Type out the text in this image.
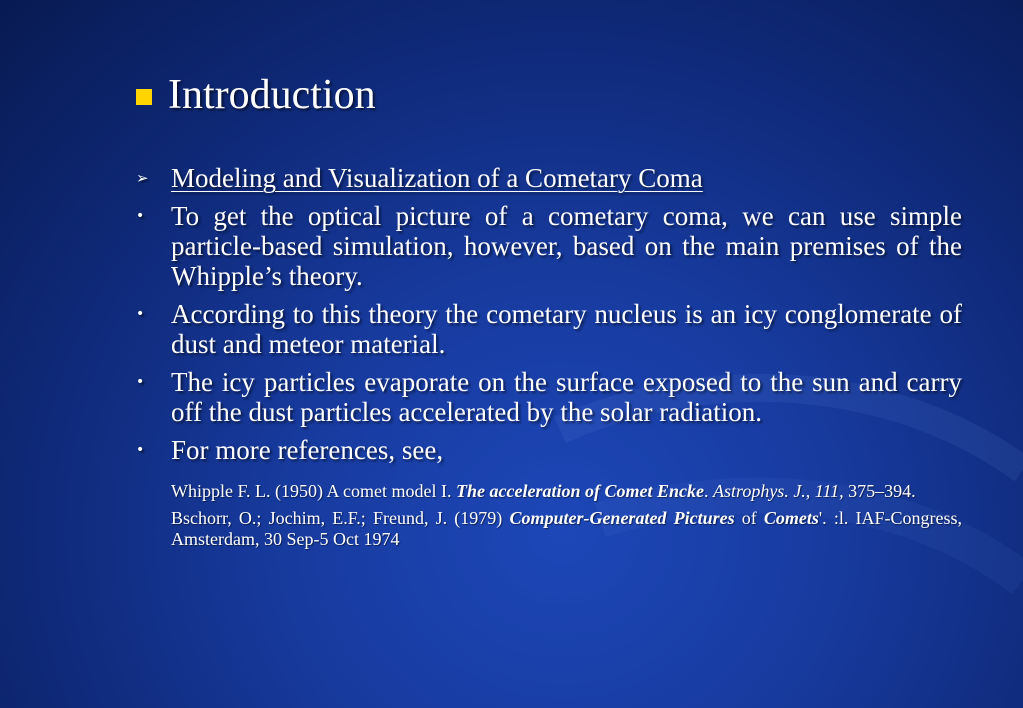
Introduction
➢ Modeling and Visualization of a Cometary Coma
• To get the optical picture of a cometary coma, we can use simple particle-based simulation, however, based on the main premises of the Whipple’s theory.
• According to this theory the cometary nucleus is an icy conglomerate of dust and meteor material.
• The icy particles evaporate on the surface exposed to the sun and carry off the dust particles accelerated by the solar radiation.
• For more references, see,
Whipple F. L. (1950) A comet model I. The acceleration of Comet Encke. Astrophys. J., 111, 375–394.
Bschorr, O.; Jochim, E.F.; Freund, J. (1979) Computer-Generated Pictures of Comets'. :l. IAF-Congress, Amsterdam, 30 Sep-5 Oct 1974
